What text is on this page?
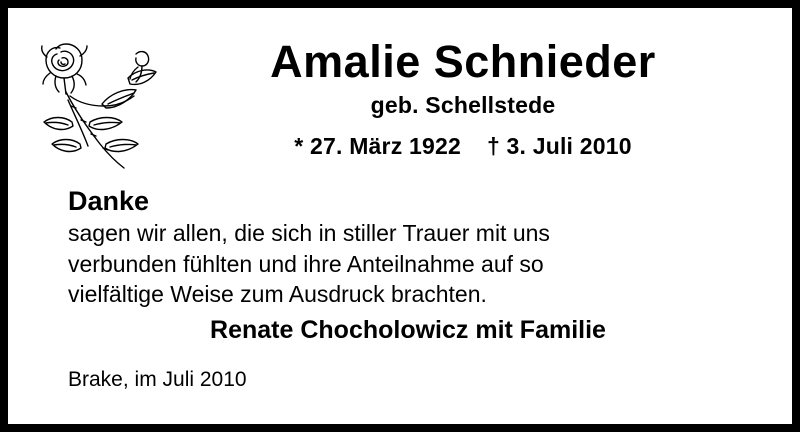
Amalie Schnieder
geb. Schellstede
* 27. März 1922 † 3. Juli 2010
Danke
sagen wir allen, die sich in stiller Trauer mit uns
verbunden fühlten und ihre Anteilnahme auf so
vielfältige Weise zum Ausdruck brachten.
Renate Chocholowicz mit Familie
Brake, im Juli 2010
